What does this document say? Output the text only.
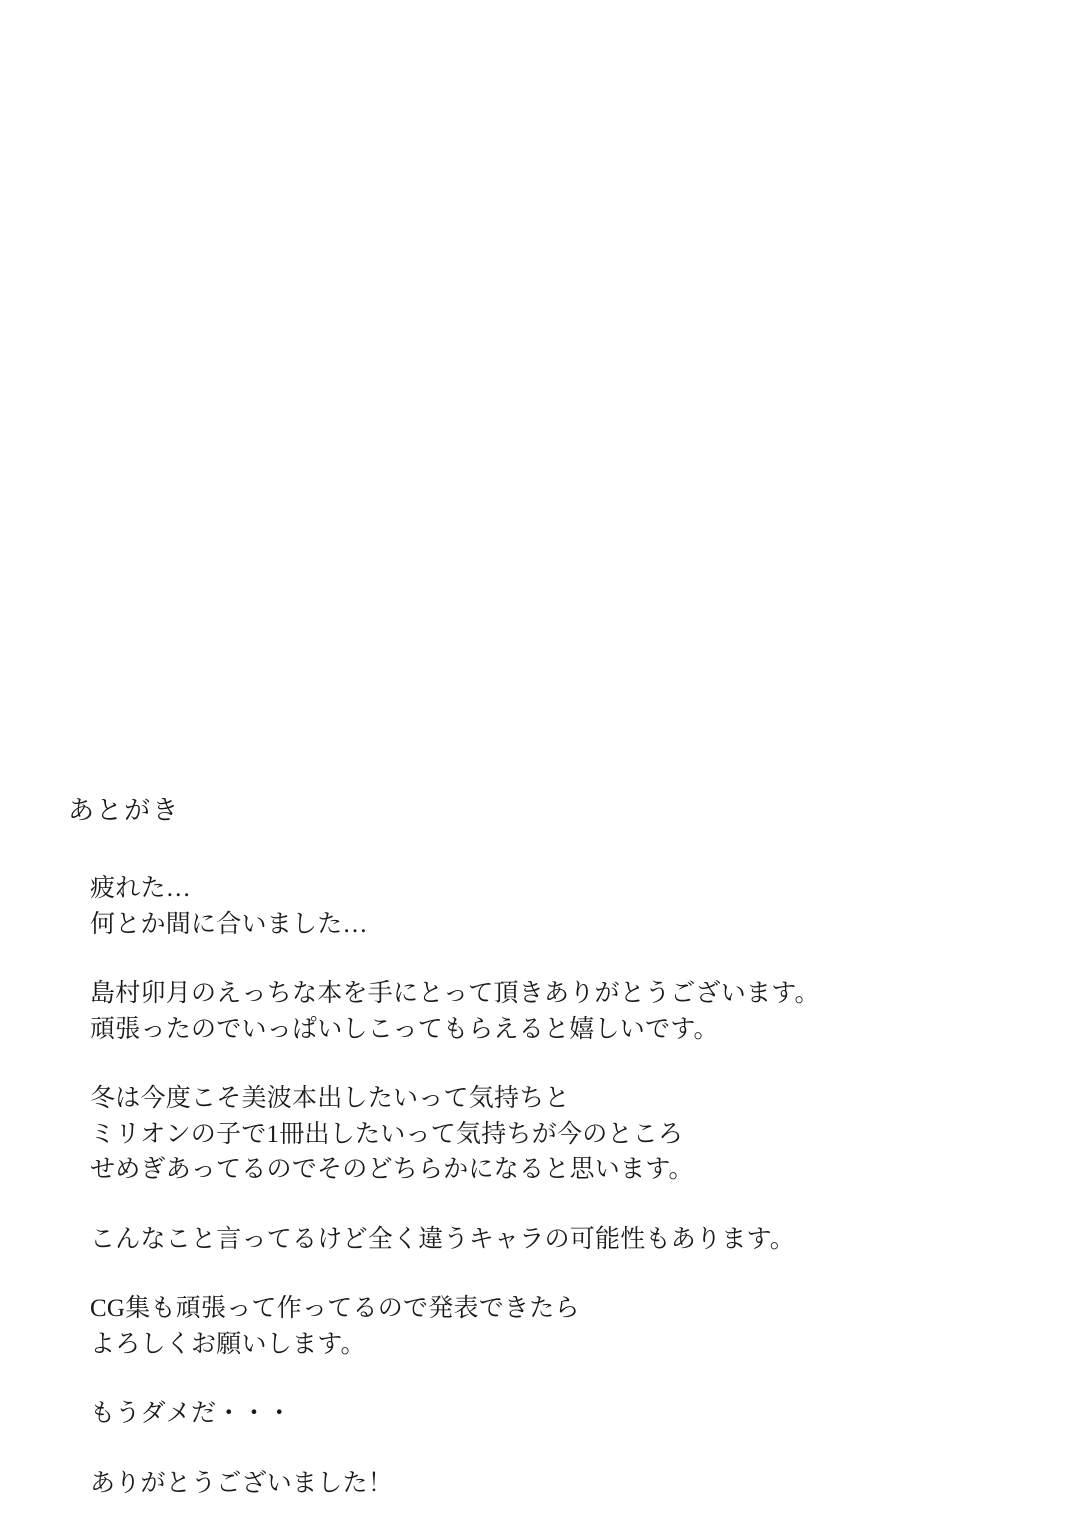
あとがき
疲れた…
何とか間に合いました…
島村卯月のえっちな本を手にとって頂きありがとうございます。
頑張ったのでいっぱいしこってもらえると嬉しいです。
冬は今度こそ美波本出したいって気持ちと
ミリオンの子で1冊出したいって気持ちが今のところ
せめぎあってるのでそのどちらかになると思います。
こんなこと言ってるけど全く違うキャラの可能性もあります。
CG集も頑張って作ってるので発表できたら
よろしくお願いします。
もうダメだ・・・
ありがとうございました！
